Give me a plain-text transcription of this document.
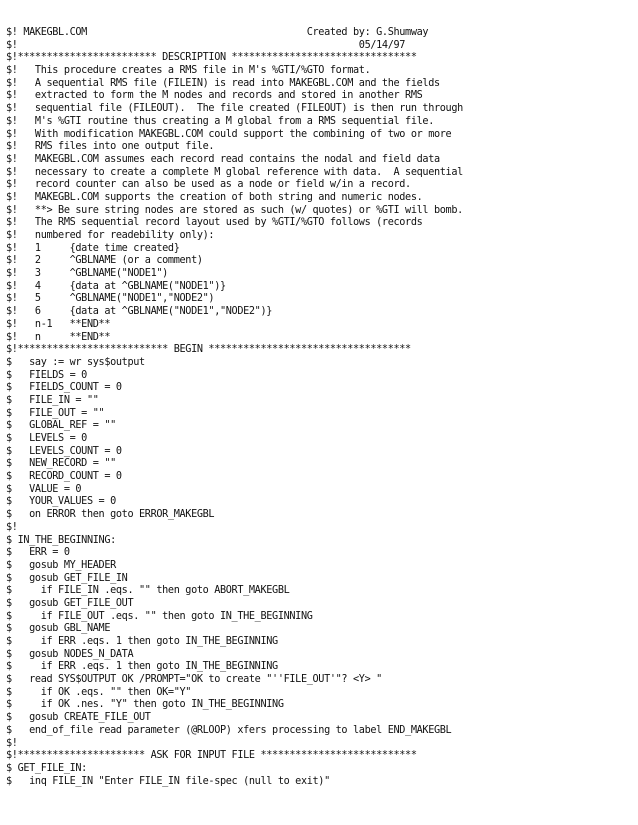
$! MAKEGBL.COM                                      Created by: G.Shumway
$!                                                           05/14/97
$!************************ DESCRIPTION ********************************
$!   This procedure creates a RMS file in M's %GTI/%GTO format.
$!   A sequential RMS file (FILEIN) is read into MAKEGBL.COM and the fields
$!   extracted to form the M nodes and records and stored in another RMS
$!   sequential file (FILEOUT).  The file created (FILEOUT) is then run through
$!   M's %GTI routine thus creating a M global from a RMS sequential file.
$!   With modification MAKEGBL.COM could support the combining of two or more
$!   RMS files into one output file.
$!   MAKEGBL.COM assumes each record read contains the nodal and field data
$!   necessary to create a complete M global reference with data.  A sequential
$!   record counter can also be used as a node or field w/in a record.
$!   MAKEGBL.COM supports the creation of both string and numeric nodes.
$!   **> Be sure string nodes are stored as such (w/ quotes) or %GTI will bomb.
$!   The RMS sequential record layout used by %GTI/%GTO follows (records
$!   numbered for readebility only):
$!   1     {date time created}
$!   2     ^GBLNAME (or a comment)
$!   3     ^GBLNAME("NODE1")
$!   4     {data at ^GBLNAME("NODE1")}
$!   5     ^GBLNAME("NODE1","NODE2")
$!   6     {data at ^GBLNAME("NODE1","NODE2")}
$!   n-1   **END**
$!   n     **END**
$!************************** BEGIN ***********************************
$   say := wr sys$output
$   FIELDS = 0
$   FIELDS_COUNT = 0
$   FILE_IN = ""
$   FILE_OUT = ""
$   GLOBAL_REF = ""
$   LEVELS = 0
$   LEVELS_COUNT = 0
$   NEW_RECORD = ""
$   RECORD_COUNT = 0
$   VALUE = 0
$   YOUR_VALUES = 0
$   on ERROR then goto ERROR_MAKEGBL
$!
$ IN_THE_BEGINNING:
$   ERR = 0
$   gosub MY_HEADER
$   gosub GET_FILE_IN
$     if FILE_IN .eqs. "" then goto ABORT_MAKEGBL
$   gosub GET_FILE_OUT
$     if FILE_OUT .eqs. "" then goto IN_THE_BEGINNING
$   gosub GBL_NAME
$     if ERR .eqs. 1 then goto IN_THE_BEGINNING
$   gosub NODES_N_DATA
$     if ERR .eqs. 1 then goto IN_THE_BEGINNING
$   read SYS$OUTPUT OK /PROMPT="OK to create "''FILE_OUT'"? <Y> "
$     if OK .eqs. "" then OK="Y"
$     if OK .nes. "Y" then goto IN_THE_BEGINNING
$   gosub CREATE_FILE_OUT
$   end_of_file read parameter (@RLOOP) xfers processing to label END_MAKEGBL
$!
$!********************** ASK FOR INPUT FILE ***************************
$ GET_FILE_IN:
$   inq FILE_IN "Enter FILE_IN file-spec (null to exit)"
